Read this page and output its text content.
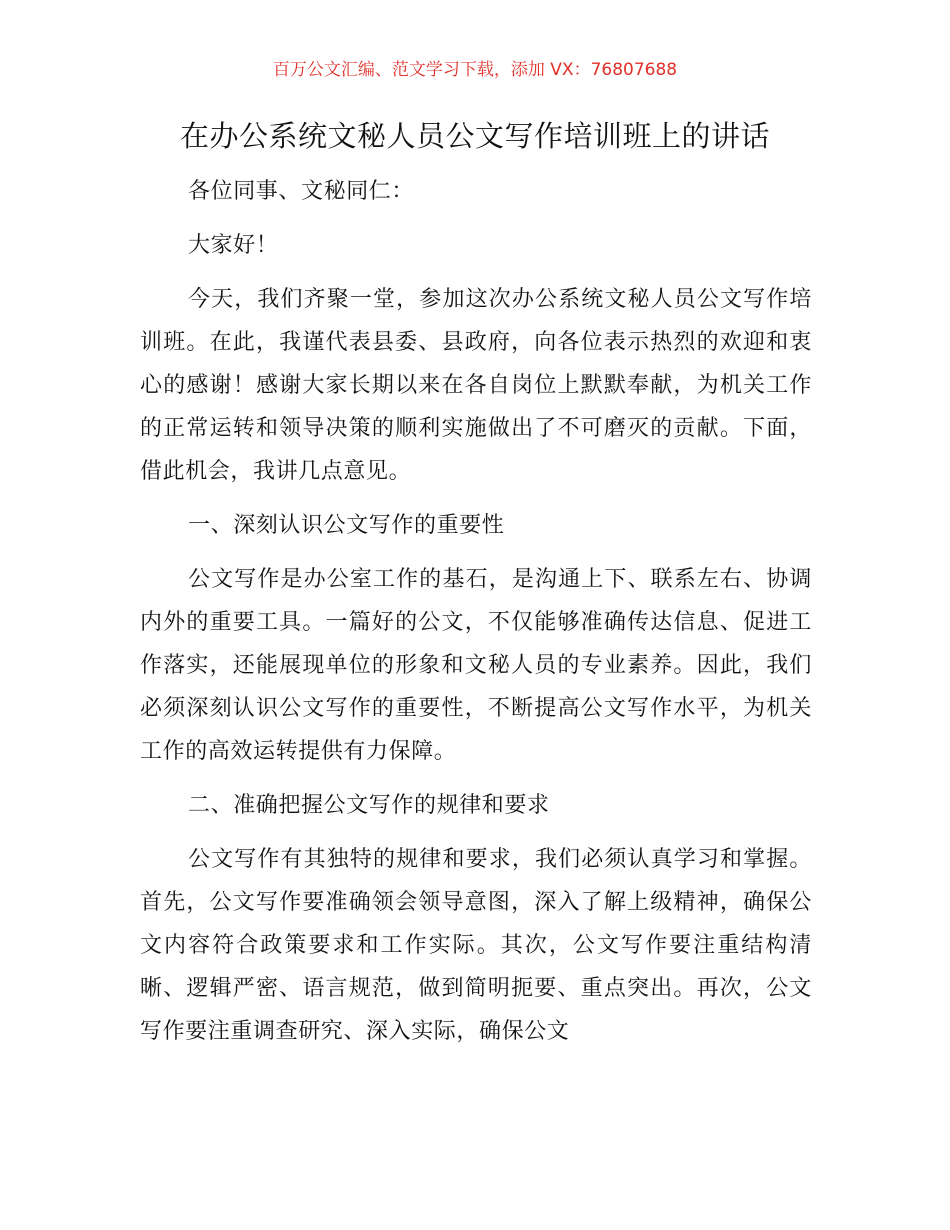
百万公文汇编、范文学习下载，添加 VX：76807688
在办公系统文秘人员公文写作培训班上的讲话

各位同事、文秘同仁：

大家好！

今天，我们齐聚一堂，参加这次办公系统文秘人员公文写作培训班。在此，我谨代表县委、县政府，向各位表示热烈的欢迎和衷心的感谢！感谢大家长期以来在各自岗位上默默奉献，为机关工作的正常运转和领导决策的顺利实施做出了不可磨灭的贡献。下面，借此机会，我讲几点意见。

一、深刻认识公文写作的重要性

公文写作是办公室工作的基石，是沟通上下、联系左右、协调内外的重要工具。一篇好的公文，不仅能够准确传达信息、促进工作落实，还能展现单位的形象和文秘人员的专业素养。因此，我们必须深刻认识公文写作的重要性，不断提高公文写作水平，为机关工作的高效运转提供有力保障。

二、准确把握公文写作的规律和要求

公文写作有其独特的规律和要求，我们必须认真学习和掌握。首先，公文写作要准确领会领导意图，深入了解上级精神，确保公文内容符合政策要求和工作实际。其次，公文写作要注重结构清晰、逻辑严密、语言规范，做到简明扼要、重点突出。再次，公文写作要注重调查研究、深入实际，确保公文
